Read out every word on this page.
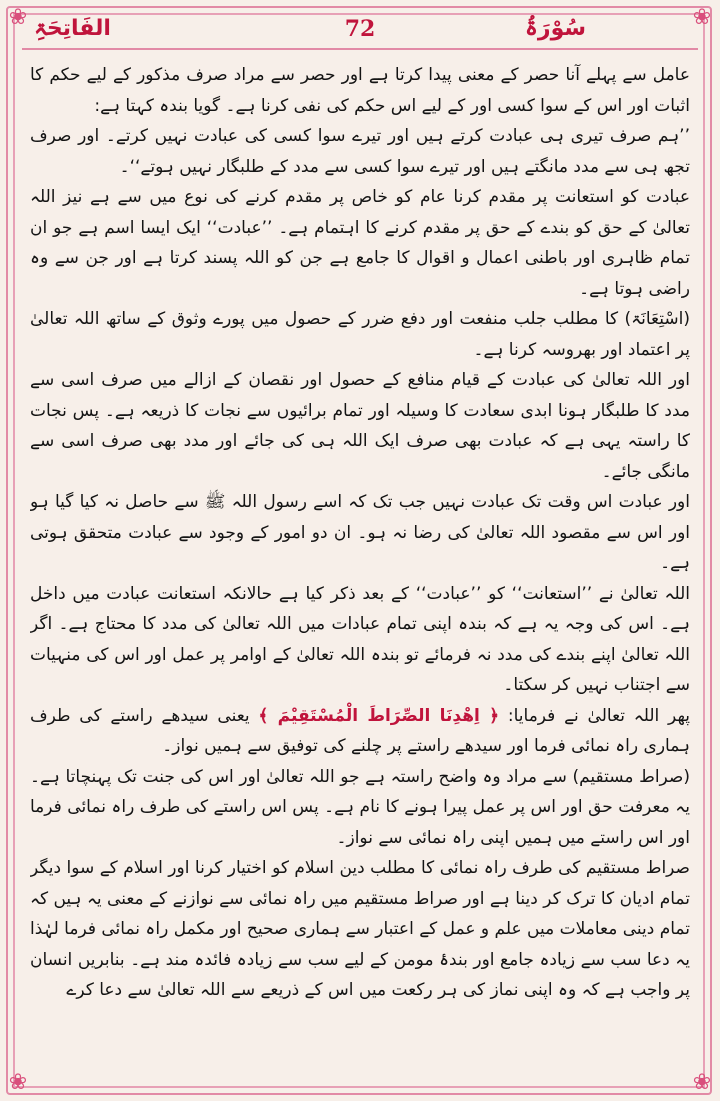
❀	❀
❀	❀
سُوْرَۃُ
72
الفَاتِحَۃِ

عامل سے پہلے آنا حصر کے معنی پیدا کرتا ہے اور حصر سے مراد صرف مذکور کے لیے حکم کا اثبات اور اس کے سوا کسی اور کے لیے اس حکم کی نفی کرنا ہے۔ گویا بندہ کہتا ہے:

’’ہم صرف تیری ہی عبادت کرتے ہیں اور تیرے سوا کسی کی عبادت نہیں کرتے۔ اور صرف تجھ ہی سے مدد مانگتے ہیں اور تیرے سوا کسی سے مدد کے طلبگار نہیں ہوتے‘‘۔

عبادت کو استعانت پر مقدم کرنا عام کو خاص پر مقدم کرنے کی نوع میں سے ہے نیز اللہ تعالیٰ کے حق کو بندے کے حق پر مقدم کرنے کا اہتمام ہے۔ ’’عبادت‘‘ ایک ایسا اسم ہے جو ان تمام ظاہری اور باطنی اعمال و اقوال کا جامع ہے جن کو اللہ پسند کرتا ہے اور جن سے وہ راضی ہوتا ہے۔

(اسْتِعَانَۃ) کا مطلب جلب منفعت اور دفع ضرر کے حصول میں پورے وثوق کے ساتھ اللہ تعالیٰ پر اعتماد اور بھروسہ کرنا ہے۔

اور اللہ تعالیٰ کی عبادت کے قیام منافع کے حصول اور نقصان کے ازالے میں صرف اسی سے مدد کا طلبگار ہونا ابدی سعادت کا وسیلہ اور تمام برائیوں سے نجات کا ذریعہ ہے۔ پس نجات کا راستہ یہی ہے کہ عبادت بھی صرف ایک اللہ ہی کی جائے اور مدد بھی صرف اسی سے مانگی جائے۔

اور عبادت اس وقت تک عبادت نہیں جب تک کہ اسے رسول اللہ ﷺ سے حاصل نہ کیا گیا ہو اور اس سے مقصود اللہ تعالیٰ کی رضا نہ ہو۔ ان دو امور کے وجود سے عبادت متحقق ہوتی ہے۔

اللہ تعالیٰ نے ’’استعانت‘‘ کو ’’عبادت‘‘ کے بعد ذکر کیا ہے حالانکہ استعانت عبادت میں داخل ہے۔ اس کی وجہ یہ ہے کہ بندہ اپنی تمام عبادات میں اللہ تعالیٰ کی مدد کا محتاج ہے۔ اگر اللہ تعالیٰ اپنے بندے کی مدد نہ فرمائے تو بندہ اللہ تعالیٰ کے اوامر پر عمل اور اس کی منہیات سے اجتناب نہیں کر سکتا۔

پھر اللہ تعالیٰ نے فرمایا: ﴿ اِھْدِنَا الصِّرَاطَ الْمُسْتَقِیْمَ ﴾ یعنی سیدھے راستے کی طرف ہماری راہ نمائی فرما اور سیدھے راستے پر چلنے کی توفیق سے ہمیں نواز۔

(صراط مستقیم) سے مراد وہ واضح راستہ ہے جو اللہ تعالیٰ اور اس کی جنت تک پہنچاتا ہے۔ یہ معرفت حق اور اس پر عمل پیرا ہونے کا نام ہے۔ پس اس راستے کی طرف راہ نمائی فرما اور اس راستے میں ہمیں اپنی راہ نمائی سے نواز۔

صراط مستقیم کی طرف راہ نمائی کا مطلب دین اسلام کو اختیار کرنا اور اسلام کے سوا دیگر تمام ادیان کا ترک کر دینا ہے اور صراط مستقیم میں راہ نمائی سے نوازنے کے معنی یہ ہیں کہ تمام دینی معاملات میں علم و عمل کے اعتبار سے ہماری صحیح اور مکمل راہ نمائی فرما لہٰذا یہ دعا سب سے زیادہ جامع اور بندۂ مومن کے لیے سب سے زیادہ فائدہ مند ہے۔ بنابریں انسان پر واجب ہے کہ وہ اپنی نماز کی ہر رکعت میں اس کے ذریعے سے اللہ تعالیٰ سے دعا کرے
